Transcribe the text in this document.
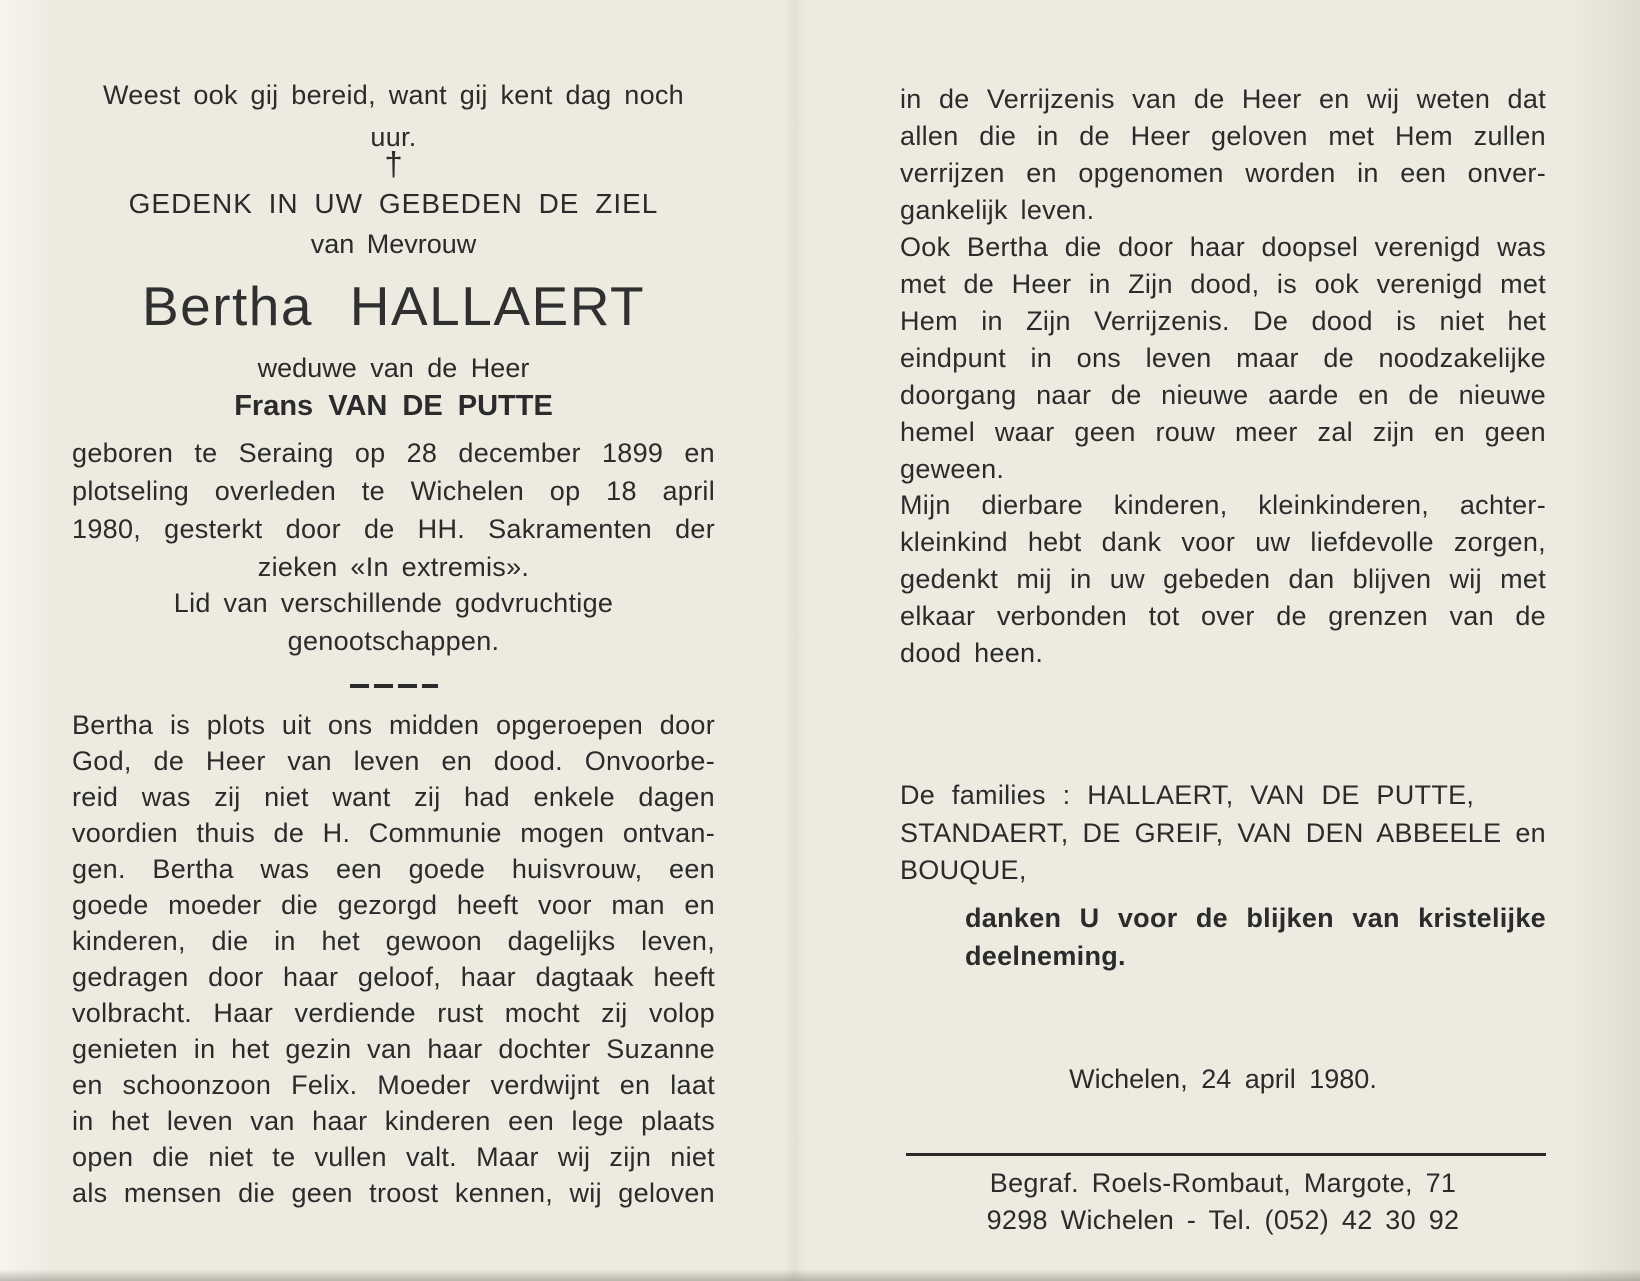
Weest ook gij bereid, want gij kent dag noch
uur.
†
GEDENK IN UW GEBEDEN DE ZIEL
van Mevrouw
Bertha HALLAERT
weduwe van de Heer
Frans VAN DE PUTTE
geboren te Seraing op 28 december 1899 en
plotseling overleden te Wichelen op 18 april
1980, gesterkt door de HH. Sakramenten der
zieken «In extremis».
Lid van verschillende godvruchtige
genootschappen.
Bertha is plots uit ons midden opgeroepen door
God, de Heer van leven en dood. Onvoorbe-
reid was zij niet want zij had enkele dagen
voordien thuis de H. Communie mogen ontvan-
gen. Bertha was een goede huisvrouw, een
goede moeder die gezorgd heeft voor man en
kinderen, die in het gewoon dagelijks leven,
gedragen door haar geloof, haar dagtaak heeft
volbracht. Haar verdiende rust mocht zij volop
genieten in het gezin van haar dochter Suzanne
en schoonzoon Felix. Moeder verdwijnt en laat
in het leven van haar kinderen een lege plaats
open die niet te vullen valt. Maar wij zijn niet
als mensen die geen troost kennen, wij geloven
in de Verrijzenis van de Heer en wij weten dat
allen die in de Heer geloven met Hem zullen
verrijzen en opgenomen worden in een onver-
gankelijk leven.
Ook Bertha die door haar doopsel verenigd was
met de Heer in Zijn dood, is ook verenigd met
Hem in Zijn Verrijzenis. De dood is niet het
eindpunt in ons leven maar de noodzakelijke
doorgang naar de nieuwe aarde en de nieuwe
hemel waar geen rouw meer zal zijn en geen
geween.
Mijn dierbare kinderen, kleinkinderen, achter-
kleinkind hebt dank voor uw liefdevolle zorgen,
gedenkt mij in uw gebeden dan blijven wij met
elkaar verbonden tot over de grenzen van de
dood heen.
De families : HALLAERT, VAN DE PUTTE,
STANDAERT, DE GREIF, VAN DEN ABBEELE en
BOUQUE,
danken U voor de blijken van kristelijke
deelneming.
Wichelen, 24 april 1980.
Begraf. Roels-Rombaut, Margote, 71
9298 Wichelen - Tel. (052) 42 30 92
